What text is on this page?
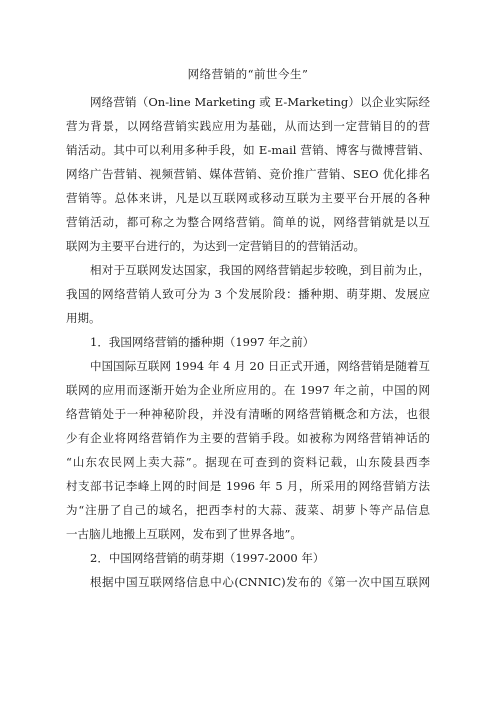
网络营销的“前世今生”
网络营销（On-line Marketing 或 E-Marketing）以企业实际经
营为背景，以网络营销实践应用为基础，从而达到一定营销目的的营
销活动。其中可以利用多种手段，如 E-mail 营销、博客与微博营销、
网络广告营销、视频营销、媒体营销、竞价推广营销、SEO 优化排名
营销等。总体来讲，凡是以互联网或移动互联为主要平台开展的各种
营销活动，都可称之为整合网络营销。简单的说，网络营销就是以互
联网为主要平台进行的，为达到一定营销目的的营销活动。
相对于互联网发达国家，我国的网络营销起步较晚，到目前为止，
我国的网络营销人致可分为 3 个发展阶段：播种期、萌芽期、发展应
用期。
1．我国网络营销的播种期（1997 年之前）
中国国际互联网 1994 年 4 月 20 日正式开通，网络营销是随着互
联网的应用而逐渐开始为企业所应用的。在 1997 年之前，中国的网
络营销处于一种神秘阶段，并没有清晰的网络营销概念和方法，也很
少有企业将网络营销作为主要的营销手段。如被称为网络营销神话的
“山东农民网上卖大蒜”。据现在可查到的资料记载，山东陵县西李
村支部书记李峰上网的时间是 1996 年 5 月，所采用的网络营销方法
为“注册了自己的域名，把西李村的大蒜、菠菜、胡萝卜等产品信息
一古脑儿地搬上互联网，发布到了世界各地”。
2．中国网络营销的萌芽期（1997-2000 年）
根据中国互联网络信息中心(CNNIC)发布的《第一次中国互联网
